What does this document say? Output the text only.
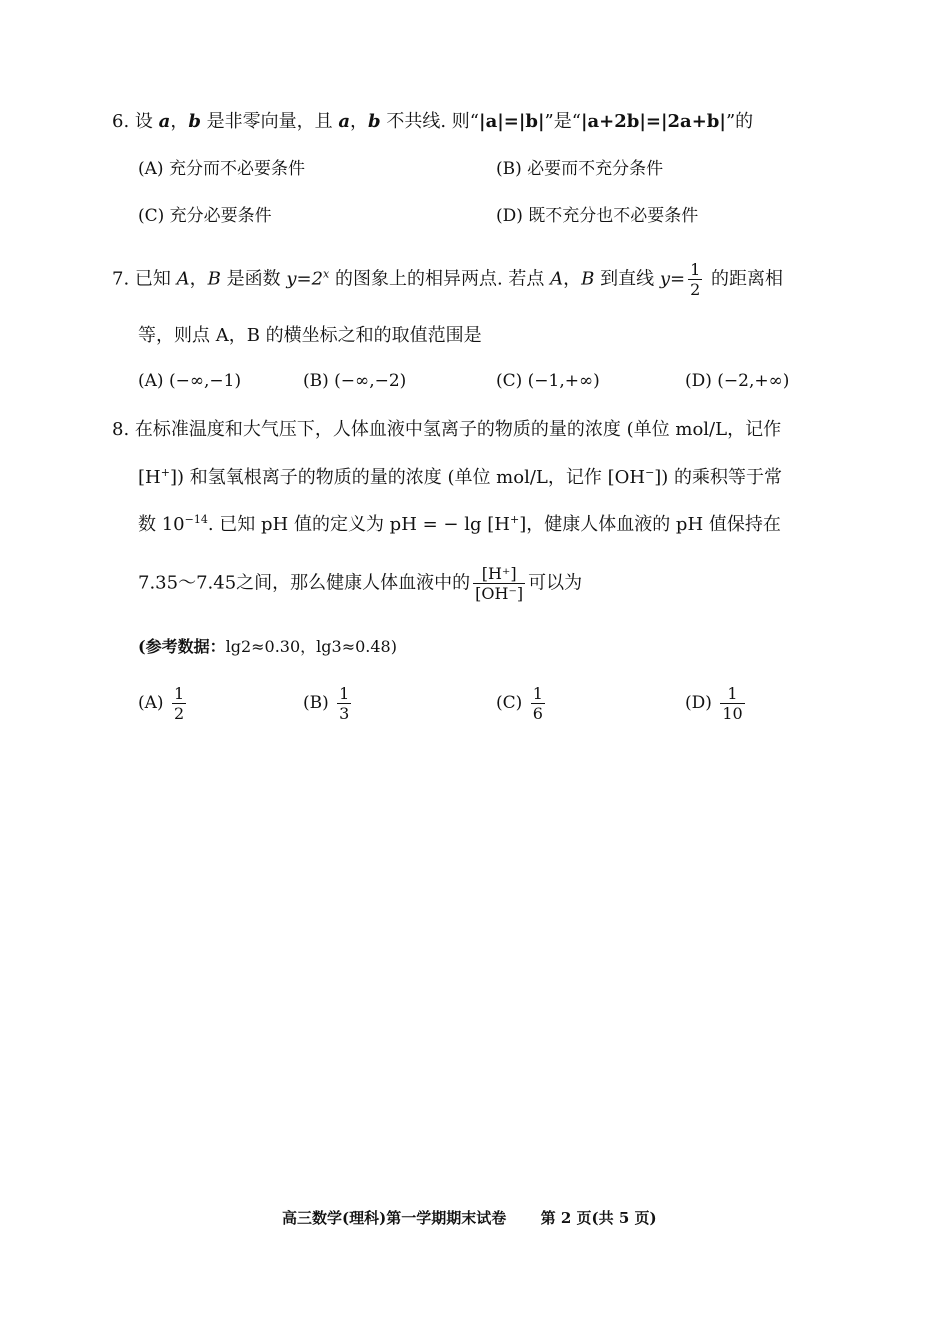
6. 设 a，b 是非零向量，且 a，b 不共线. 则“|a|=|b|”是“|a+2b|=|2a+b|”的
(A) 充分而不必要条件	(B) 必要而不充分条件
(C) 充分必要条件	(D) 既不充分也不必要条件
7. 已知 A，B 是函数 $y=2^x$ 的图象上的相异两点. 若点 A，B 到直线 $y= \frac{1}{2}$ 的距离相
等，则点 A，B 的横坐标之和的取值范围是
(A) (−∞,−1)	(B) (−∞,−2)	(C) (−1,+∞)	(D) (−2,+∞)
8. 在标准温度和大气压下，人体血液中氢离子的物质的量的浓度 (单位 mol/L，记作
[H+]) 和氢氧根离子的物质的量的浓度 (单位 mol/L，记作 [OH−]) 的乘积等于常
数 $10^{-14}$. 已知 pH 值的定义为 pH = − lg [H+]，健康人体血液的 pH 值保持在
7.35～7.45之间，那么健康人体血液中的 $\frac{[H^+]}{[OH^-]}$ 可以为
(参考数据：lg2≈0.30，lg3≈0.48)
$(A) \frac{1}{2}$	$(B) \frac{1}{3}$	$(C) \frac{1}{6}$	$(D) \frac{1}{10}$
高三数学(理科)第一学期期末试卷 第 2 页(共 5 页)
